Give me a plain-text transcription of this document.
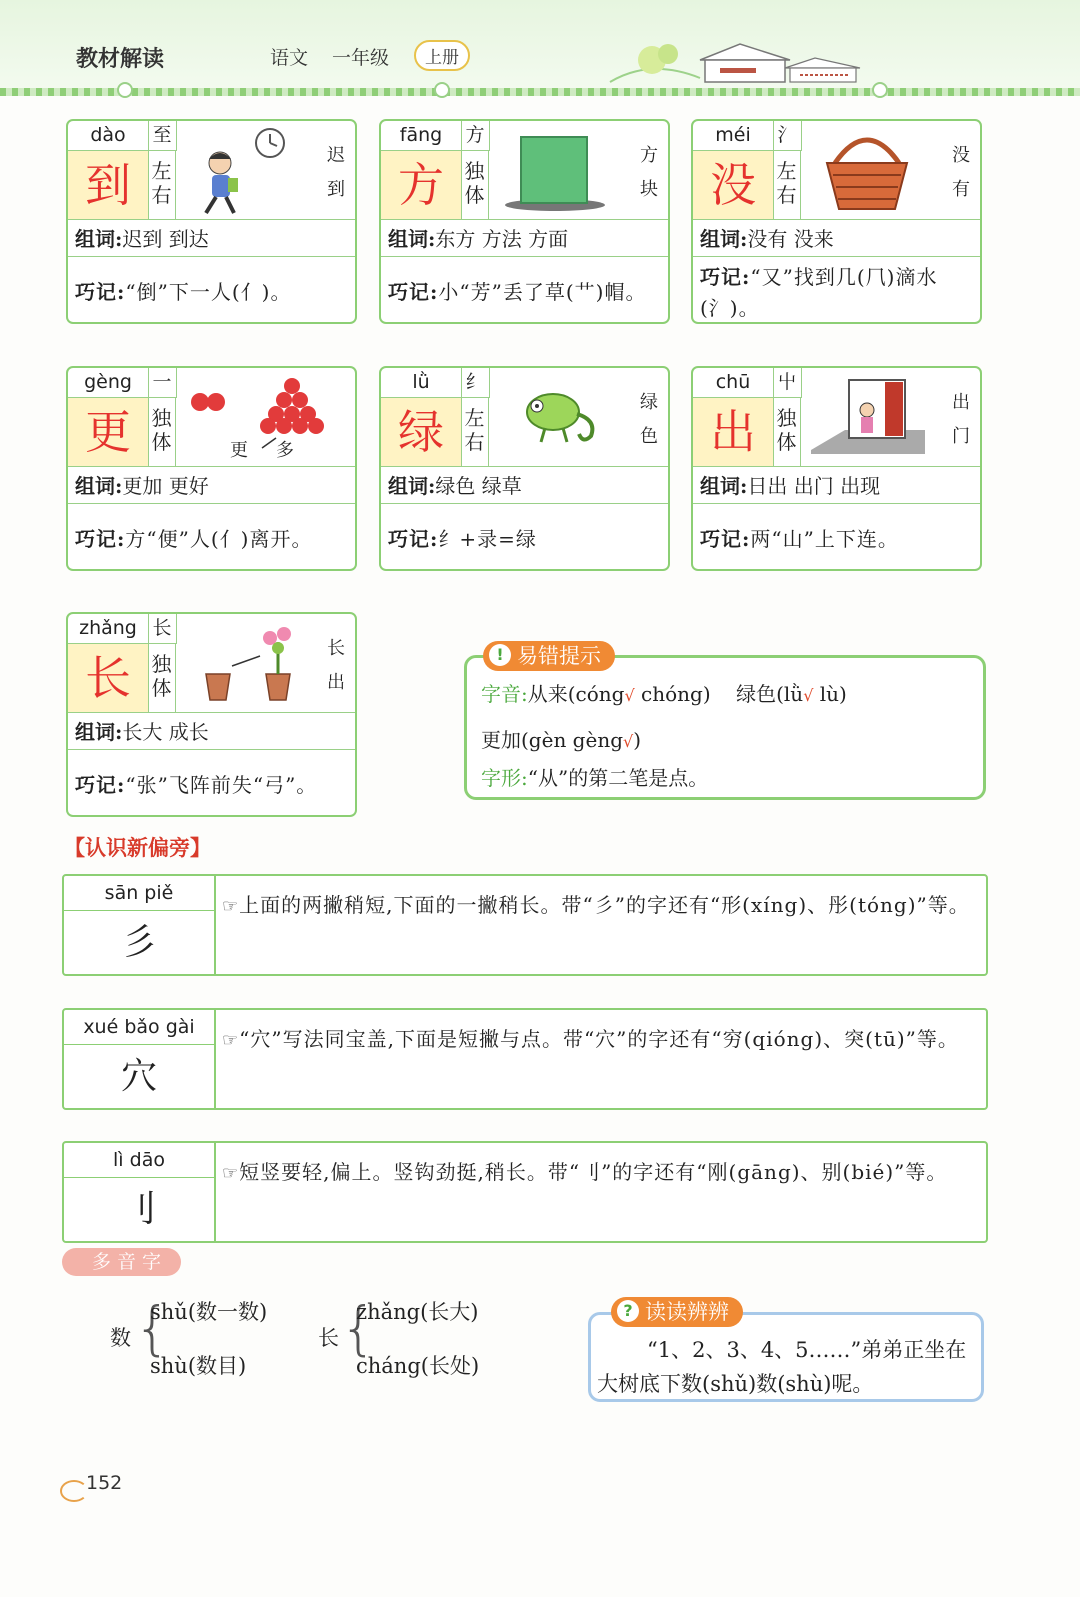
教材解读	语文 一年级	上册
dào	至
到	左右
迟到
组词:迟到 到达
巧记:“倒”下一人(亻)。
fāng	方
方	独体
方块
组词:东方 方法 方面
巧记:小“芳”丢了草(艹)帽。
méi	氵
没	左右
没有
组词:没有 没来
巧记:“又”找到几(⺇)滴水(氵)。
gèng	一
更	独体	更多
组词:更加 更好
巧记:方“便”人(亻)离开。
lǜ	纟
绿	左右
绿色
组词:绿色 绿草
巧记:纟+录=绿
chū	屮
出	独体
出门
组词:日出 出门 出现
巧记:两“山”上下连。
zhǎng 长
长	独体
长出
组词:长大 成长
巧记:“张”飞阵前失“弓”。
! 易错提示
字音:从来(cóng√ chóng) 绿色(lǜ√ lù)
更加(gèn gèng√)
字形:“从”的第二笔是点。
【认识新偏旁】
sān piě
彡
☞上面的两撇稍短,下面的一撇稍长。带“彡”的字还有“形(xíng)、彤(tóng)”等。
xué bǎo gài
穴
☞“穴”写法同宝盖,下面是短撇与点。带“穴”的字还有“穷(qióng)、突(tū)”等。
lì dāo
刂
☞短竖要轻,偏上。竖钩劲挺,稍长。带“刂”的字还有“刚(gāng)、别(bié)”等。
多音字
数 {
shǔ(数一数)
shù(数目)
长 {
zhǎng(长大)
cháng(长处)
? 读读辨辨
“1、2、3、4、5……”弟弟正坐在大树底下数(shǔ)数(shù)呢。
152
